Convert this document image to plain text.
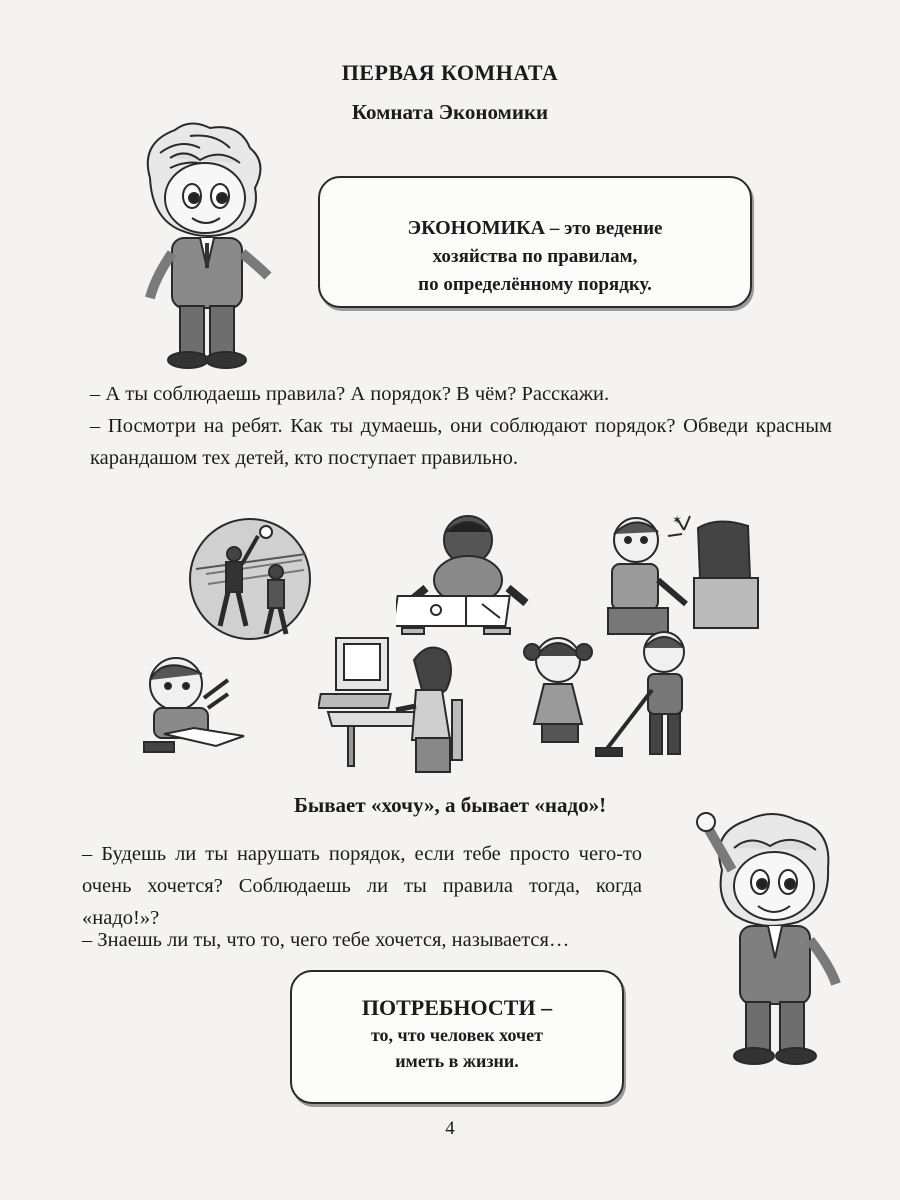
ПЕРВАЯ КОМНАТА
Комната Экономики
ЭКОНОМИКА – это ведение
хозяйства по правилам,
по определённому порядку.
– А ты соблюдаешь правила? А порядок? В чём? Расскажи.
– Посмотри на ребят. Как ты думаешь, они соблюдают порядок? Обведи красным карандашом тех детей, кто поступает правильно.
✶
Бывает «хочу», а бывает «надо»!
– Будешь ли ты нарушать порядок, если тебе просто чего-то очень хочется? Соблюдаешь ли ты правила тогда, когда «надо!»?
– Знаешь ли ты, что то, чего тебе хочется, называется…
ПОТРЕБНОСТИ –
то, что человек хочет
иметь в жизни.
4
